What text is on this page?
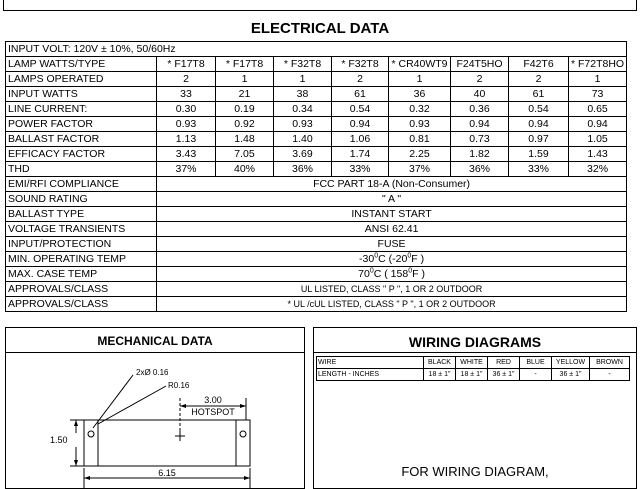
ELECTRICAL DATA
INPUT VOLT: 120V ± 10%, 50/60Hz								
LAMP WATTS/TYPE	* F17T8	* F17T8	* F32T8	* F32T8	* CR40WT9	F24T5HO	F42T6	* F72T8HO
LAMPS OPERATED	2	1	1	2	1	2	2	1
INPUT WATTS	33	21	38	61	36	40	61	73
LINE CURRENT:	0.30	0.19	0.34	0.54	0.32	0.36	0.54	0.65
POWER FACTOR	0.93	0.92	0.93	0.94	0.93	0.94	0.94	0.94
BALLAST FACTOR	1.13	1.48	1.40	1.06	0.81	0.73	0.97	1.05
EFFICACY FACTOR	3.43	7.05	3.69	1.74	2.25	1.82	1.59	1.43
THD	37%	40%	36%	33%	37%	36%	33%	32%
EMI/RFI COMPLIANCE	FCC PART 18-A (Non-Consumer)							
SOUND RATING	" A "							
BALLAST TYPE	INSTANT START							
VOLTAGE TRANSIENTS	ANSI 62.41							
INPUT/PROTECTION	FUSE							
MIN. OPERATING TEMP	$-30^0C$ ($-20^0F$ )							
MAX. CASE TEMP	$70^0C$ ( $158^0F$ )							
APPROVALS/CLASS	UL LISTED, CLASS " P ", 1 OR 2 OUTDOOR							
APPROVALS/CLASS	* UL /cUL LISTED, CLASS " P ", 1 OR 2 OUTDOOR							
MECHANICAL DATA
2xØ 0.16
R0.16
3.00
HOTSPOT
1.50
6.15
WIRING DIAGRAMS
WIRE	BLACK	WHITE	RED	BLUE	YELLOW	BROWN
LENGTH - INCHES	18 ± 1"	18 ± 1"	36 ± 1"	-	36 ± 1"	-
FOR WIRING DIAGRAM,
